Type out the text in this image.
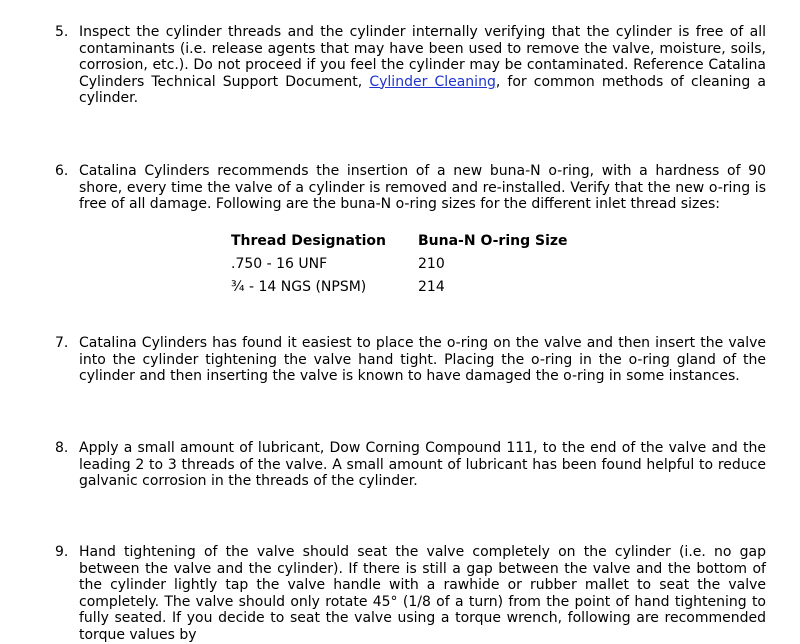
5. Inspect the cylinder threads and the cylinder internally verifying that the cylinder is free of all contaminants (i.e. release agents that may have been used to remove the valve, moisture, soils, corrosion, etc.). Do not proceed if you feel the cylinder may be contaminated. Reference Catalina Cylinders Technical Support Document, Cylinder Cleaning, for common methods of cleaning a cylinder.
6. Catalina Cylinders recommends the insertion of a new buna-N o-ring, with a hardness of 90 shore, every time the valve of a cylinder is removed and re-installed. Verify that the new o-ring is free of all damage. Following are the buna-N o-ring sizes for the different inlet thread sizes:
Thread Designation Buna-N O-ring Size
.750 - 16 UNF	210
¾ - 14 NGS (NPSM)	214
7. Catalina Cylinders has found it easiest to place the o-ring on the valve and then insert the valve into the cylinder tightening the valve hand tight. Placing the o-ring in the o-ring gland of the cylinder and then inserting the valve is known to have damaged the o-ring in some instances.
8. Apply a small amount of lubricant, Dow Corning Compound 111, to the end of the valve and the leading 2 to 3 threads of the valve. A small amount of lubricant has been found helpful to reduce galvanic corrosion in the threads of the cylinder.
9. Hand tightening of the valve should seat the valve completely on the cylinder (i.e. no gap between the valve and the cylinder). If there is still a gap between the valve and the bottom of the cylinder lightly tap the valve handle with a rawhide or rubber mallet to seat the valve completely. The valve should only rotate 45° (1/8 of a turn) from the point of hand tightening to fully seated. If you decide to seat the valve using a torque wrench, following are recommended torque values by
